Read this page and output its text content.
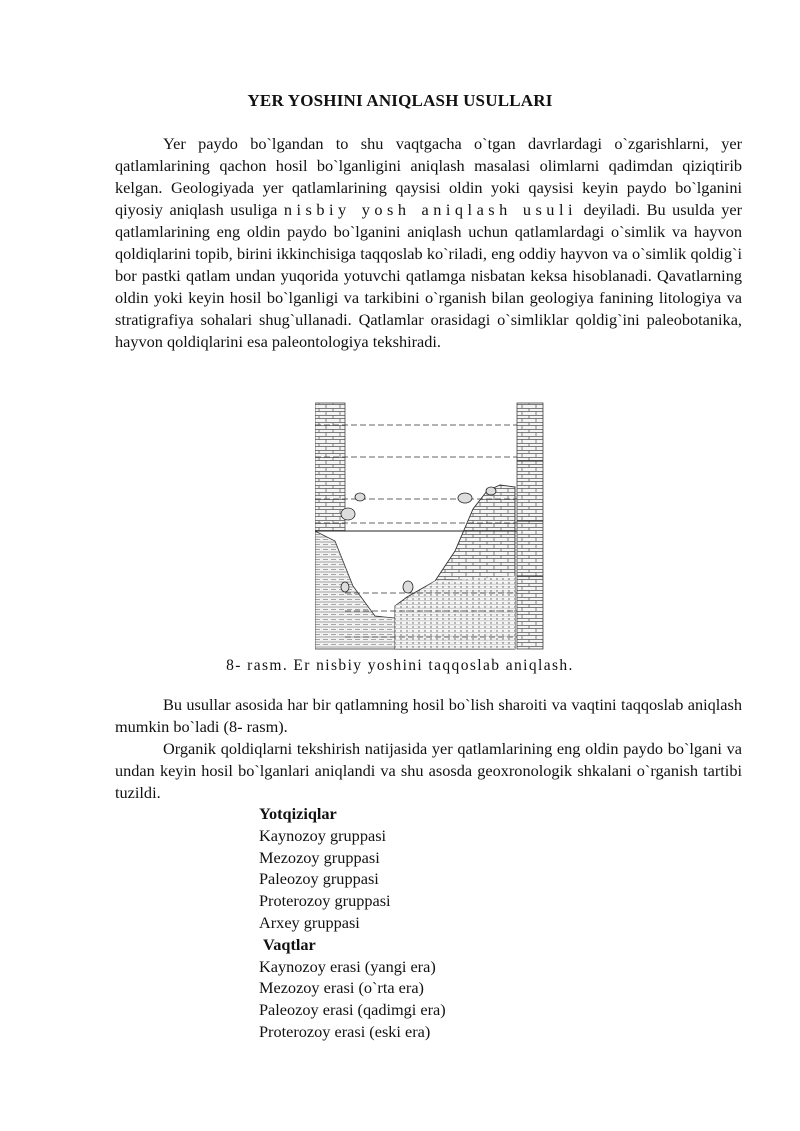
YER YOSHINI ANIQLASH USULLARI

Yer paydo bo`lgandan to shu vaqtgacha o`tgan davrlardagi o`zgarishlarni, yer qatlamlarining qachon hosil bo`lganligini aniqlash masalasi olimlarni qadimdan qiziqtirib kelgan. Geologiyada yer qatlamlarining qaysisi oldin yoki qaysisi keyin paydo bo`lganini qiyosiy aniqlash usuliga nisbiy yosh aniqlash usuli deyiladi. Bu usulda yer qatlamlarining eng oldin paydo bo`lganini aniqlash uchun qatlamlardagi o`simlik va hayvon qoldiqlarini topib, birini ikkinchisiga taqqoslab ko`riladi, eng oddiy hayvon va o`simlik qoldig`i bor pastki qatlam undan yuqorida yotuvchi qatlamga nisbatan keksa hisoblanadi. Qavatlarning oldin yoki keyin hosil bo`lganligi va tarkibini o`rganish bilan geologiya fanining litologiya va stratigrafiya sohalari shug`ullanadi. Qatlamlar orasidagi o`simliklar qoldig`ini paleobotanika, hayvon qoldiqlarini esa paleontologiya tekshiradi.

8- rasm. Er nisbiy yoshini taqqoslab aniqlash.

Bu usullar asosida har bir qatlamning hosil bo`lish sharoiti va vaqtini taqqoslab aniqlash mumkin bo`ladi (8- rasm).

Organik qoldiqlarni tekshirish natijasida yer qatlamlarining eng oldin paydo bo`lgani va undan keyin hosil bo`lganlari aniqlandi va shu asosda geoxronologik shkalani o`rganish tartibi tuzildi.

Yotqiziqlar
Kaynozoy gruppasi
Mezozoy gruppasi
Paleozoy gruppasi
Proterozoy gruppasi
Arxey gruppasi
Vaqtlar
Kaynozoy erasi (yangi era)
Mezozoy erasi (o`rta era)
Paleozoy erasi (qadimgi era)
Proterozoy erasi (eski era)
